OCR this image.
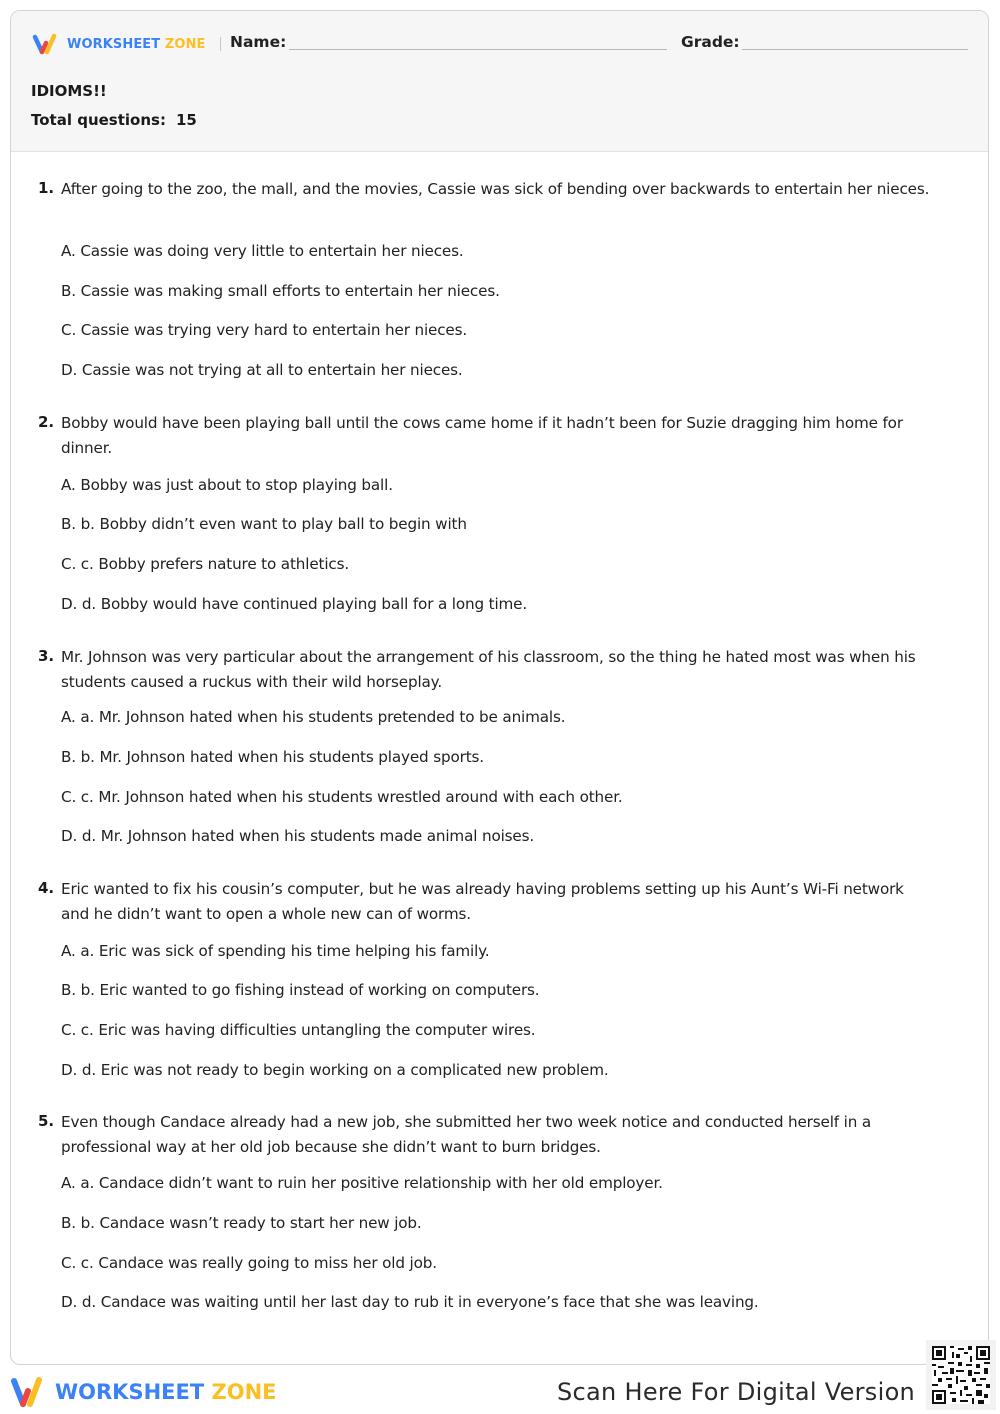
WORKSHEET ZONE Name:	Grade:
IDIOMS!!
Total questions: 15
1. After going to the zoo, the mall, and the movies, Cassie was sick of bending over backwards to entertain her nieces.
A. Cassie was doing very little to entertain her nieces.
B. Cassie was making small efforts to entertain her nieces.
C. Cassie was trying very hard to entertain her nieces.
D. Cassie was not trying at all to entertain her nieces.
2. Bobby would have been playing ball until the cows came home if it hadn’t been for Suzie dragging him home for dinner.
A. Bobby was just about to stop playing ball.
B. b. Bobby didn’t even want to play ball to begin with
C. c. Bobby prefers nature to athletics.
D. d. Bobby would have continued playing ball for a long time.
3. Mr. Johnson was very particular about the arrangement of his classroom, so the thing he hated most was when his students caused a ruckus with their wild horseplay.
A. a. Mr. Johnson hated when his students pretended to be animals.
B. b. Mr. Johnson hated when his students played sports.
C. c. Mr. Johnson hated when his students wrestled around with each other.
D. d. Mr. Johnson hated when his students made animal noises.
4. Eric wanted to fix his cousin’s computer, but he was already having problems setting up his Aunt’s Wi-Fi network and he didn’t want to open a whole new can of worms.
A. a. Eric was sick of spending his time helping his family.
B. b. Eric wanted to go fishing instead of working on computers.
C. c. Eric was having difficulties untangling the computer wires.
D. d. Eric was not ready to begin working on a complicated new problem.
5. Even though Candace already had a new job, she submitted her two week notice and conducted herself in a professional way at her old job because she didn’t want to burn bridges.
A. a. Candace didn’t want to ruin her positive relationship with her old employer.
B. b. Candace wasn’t ready to start her new job.
C. c. Candace was really going to miss her old job.
D. d. Candace was waiting until her last day to rub it in everyone’s face that she was leaving.
WORKSHEET ZONE	Scan Here For Digital Version
